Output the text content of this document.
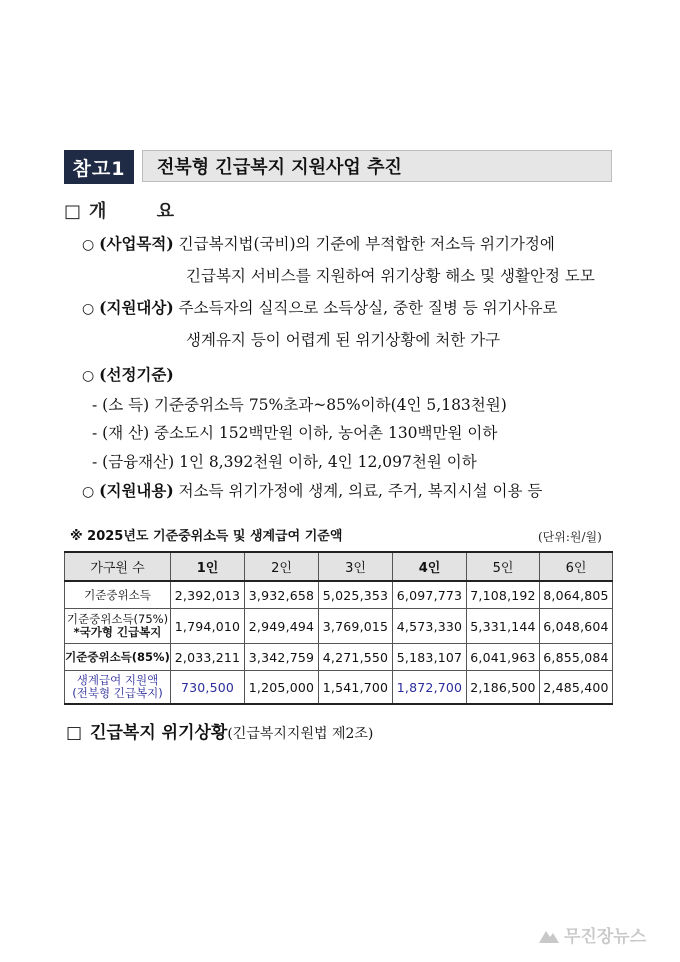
참고1	전북형 긴급복지 지원사업 추진
□ 개 요
○ (사업목적) 긴급복지법(국비)의 기준에 부적합한 저소득 위기가정에
긴급복지 서비스를 지원하여 위기상황 해소 및 생활안정 도모
○ (지원대상) 주소득자의 실직으로 소득상실, 중한 질병 등 위기사유로
생계유지 등이 어렵게 된 위기상황에 처한 가구
○ (선정기준)
- (소 득) 기준중위소득 75%초과~85%이하(4인 5,183천원)
- (재 산) 중소도시 152백만원 이하, 농어촌 130백만원 이하
- (금융재산) 1인 8,392천원 이하, 4인 12,097천원 이하
○ (지원내용) 저소득 위기가정에 생계, 의료, 주거, 복지시설 이용 등
※ 2025년도 기준중위소득 및 생계급여 기준액	(단위:원/월)
가구원 수	1인	2인	3인	4인	5인	6인
기준중위소득	2,392,013	3,932,658	5,025,353	6,097,773	7,108,192	8,064,805

기준중위소득(75%)
*국가형 긴급복지	1,794,010	2,949,494	3,769,015	4,573,330	5,331,144	6,048,604
기준중위소득(85%)	2,033,211	3,342,759	4,271,550	5,183,107	6,041,963	6,855,084

생계급여 지원액
(전북형 긴급복지)	730,500	1,205,000	1,541,700	1,872,700	2,186,500	2,485,400
□ 긴급복지 위기상황(긴급복지지원법 제2조)
무진장뉴스
